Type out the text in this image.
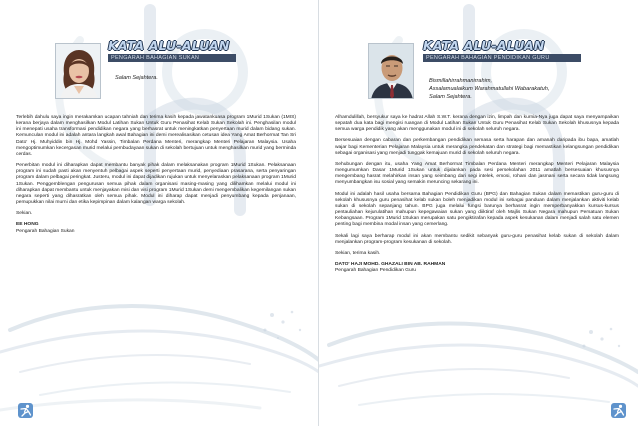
KATA ALU-ALUAN
PENGARAH BAHAGIAN SUKAN
Salam Sejahtera.

Terlebih dahulu saya ingin merakamkan ucapan tahniah dan terima kasih kepada jawatankuasa program 1Murid 1Sukan (1MIS) kerana berjaya dalam menghasilkan Modul Latihan Sukan Untuk Guru Penasihat Kelab Sukan Sekolah ini. Penghasilan modul ini menepati usaha transformasi pendidikan negara yang berhasrat untuk meningkatkan penyertaan murid dalam bidang sukan. Kemunculan modul ini adalah antara langkah awal Bahagian ini demi merealisasikan cetusan idea Yang Amat Berhormat Tan Sri Dato' Hj. Muhyiddin bin Hj. Mohd Yassin, Timbalan Perdana Menteri, merangkap Menteri Pelajaran Malaysia. Usaha mengoptimumkan kecergasan murid melalui pembudayaan sukan di sekolah bertujuan untuk menghasilkan murid yang berminda cerdas.

Penerbitan modul ini diharapkan dapat membantu banyak pihak dalam melaksanakan program 1Murid 1Sukan. Pelaksanaan program ini sudah pasti akan menyentuh pelbagai aspek seperti penyertaan murid, penyediaan prasarana, serta penyaringan program dalam pelbagai peringkat. Justeru, modul ini dapat dijadikan rujukan untuk menyelaraskan pelaksanaan program 1Murid 1Sukan. Penggemblengan pengurusan semua pihak dalam organisasi masing-masing yang dilihamkan melalui modul ini diharapkan dapat membantu untuk menjayakan misi dan visi program 1Murid 1Sukan demi mengembalikan kegemilangan sukan negara seperti yang dihasratkan oleh semua pihak. Modul ini diharap dapat menjadi penyumbang kepada penjanaan, pemupukkan nilai murni dan etika kepimpinan dalam kalangan warga sekolah.

Sekian.

EE HONG
Pengarah Bahagian Sukan
KATA ALU-ALUAN
PENGARAH BAHAGIAN PENDIDIKAN GURU
Bismillahirrahmanirrahim,
Assalamualaikum Warahmatullahi Wabarakatuh,
Salam Sejahtera.

Alhamdulillah, bersyukur saya ke hadrat Allah S.W.T. kerana dengan izin, limpah dan kurnia-Nya juga dapat saya menyampaikan sepatah dua kata bagi mengisi ruangan di Modul Latihan Sukan Untuk Guru Penasihat Kelab Sukan Sekolah khususnya kepada semua warga pendidik yang akan menggunakan modul ini di sekolah seluruh negara.

Bersesuaian dengan cabaran dan perkembangan pendidikan semasa serta harapan dan amanah daripada ibu bapa, amatlah wajar bagi Kementerian Pelajaran Malaysia untuk merangka pendekatan dan strategi bagi memastikan kelangsungan pendidikan sebagai organisasi yang menjadi tunggak kemajuan murid di sekolah seluruh negara.

Sehubungan dengan itu, usaha Yang Amat Berhormat Timbalan Perdana Menteri merangkap Menteri Pelajaran Malaysia mengumumkan Dasar 1Murid 1Sukan untuk dijalankan pada sesi persekolahan 2011 amatlah bersesuaian khususnya mengembang hasrat melahirkan insan yang seimbang dari segi intelek, emosi, rohani dan jasmani serta secara tidak langsung menyumbangkan isu sosial yang semakin meruncing sekarang ini.

Modul ini adalah hasil usaha bersama Bahagian Pendidikan Guru (BPG) dan Bahagian Sukan dalam memastikan guru-guru di sekolah khususnya guru penasihat kelab sukan boleh menjadikan modul ini sebagai panduan dalam menjalankan aktiviti kelab sukan di sekolah sepanjang tahun. BPG juga melalui fungsi barunya berhasrat ingin memperbanyakkan kursus-kursus pentauliahan kejurulatihan mahupun kepegawaian sukan yang diiktiraf oleh Majlis Sukan Negara mahupun Persatuan Sukan Kebangsaan. Program 1Murid 1Sukan merupakan satu pengiktirafan kepada aspek kesukanan dalam menjadi salah satu elemen penting bagi membina modal insan yang cemerlang.

Sekali lagi saya berharap modul ini akan membantu sedikit sebanyak guru-guru penasihat kelab sukan di sekolah dalam menjalankan program-program kesukanan di sekolah.

Sekian, terima kasih.

DATO' HAJI MOHD. GHAZALI BIN AB. RAHMAN
Pengarah Bahagian Pendidikan Guru
